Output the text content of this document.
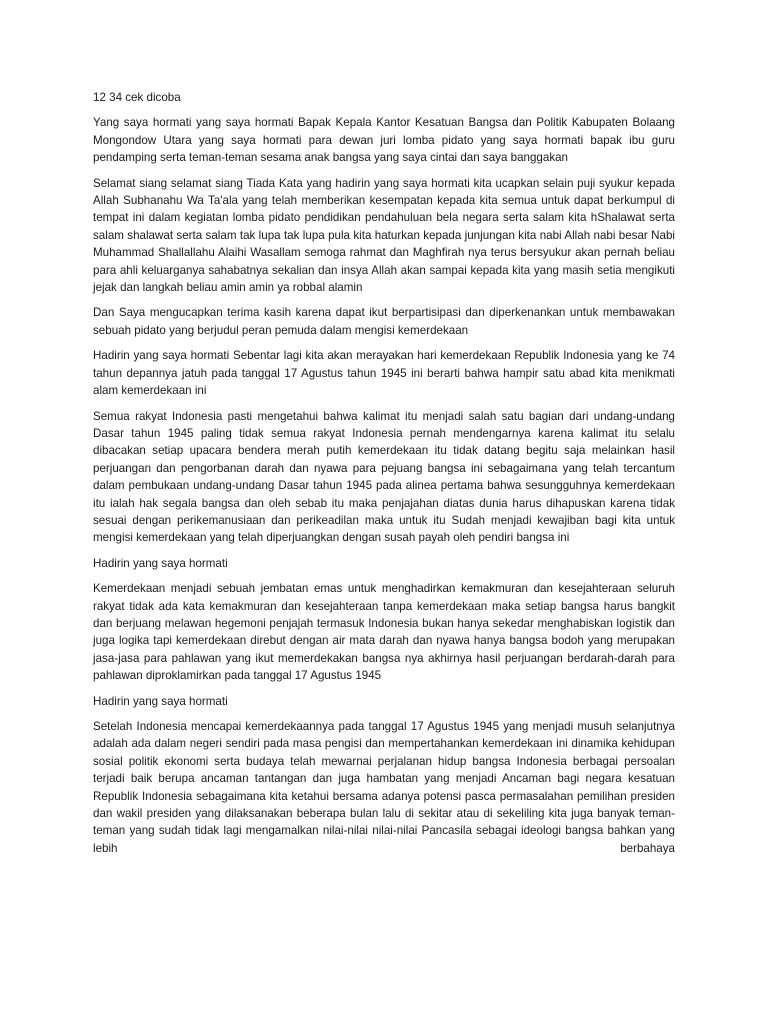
12 34 cek dicoba

Yang saya hormati yang saya hormati Bapak Kepala Kantor Kesatuan Bangsa dan Politik Kabupaten Bolaang Mongondow Utara yang saya hormati para dewan juri lomba pidato yang saya hormati bapak ibu guru pendamping serta teman-teman sesama anak bangsa yang saya cintai dan saya banggakan

Selamat siang selamat siang Tiada Kata yang hadirin yang saya hormati kita ucapkan selain puji syukur kepada Allah Subhanahu Wa Ta'ala yang telah memberikan kesempatan kepada kita semua untuk dapat berkumpul di tempat ini dalam kegiatan lomba pidato pendidikan pendahuluan bela negara serta salam kita hShalawat serta salam shalawat serta salam tak lupa tak lupa pula kita haturkan kepada junjungan kita nabi Allah nabi besar Nabi Muhammad Shallallahu Alaihi Wasallam semoga rahmat dan Maghfirah nya terus bersyukur akan pernah beliau para ahli keluarganya sahabatnya sekalian dan insya Allah akan sampai kepada kita yang masih setia mengikuti jejak dan langkah beliau amin amin ya robbal alamin

Dan Saya mengucapkan terima kasih karena dapat ikut berpartisipasi dan diperkenankan untuk membawakan sebuah pidato yang berjudul peran pemuda dalam mengisi kemerdekaan

Hadirin yang saya hormati Sebentar lagi kita akan merayakan hari kemerdekaan Republik Indonesia yang ke 74 tahun depannya jatuh pada tanggal 17 Agustus tahun 1945 ini berarti bahwa hampir satu abad kita menikmati alam kemerdekaan ini

Semua rakyat Indonesia pasti mengetahui bahwa kalimat itu menjadi salah satu bagian dari undang-undang Dasar tahun 1945 paling tidak semua rakyat Indonesia pernah mendengarnya karena kalimat itu selalu dibacakan setiap upacara bendera merah putih kemerdekaan itu tidak datang begitu saja melainkan hasil perjuangan dan pengorbanan darah dan nyawa para pejuang bangsa ini sebagaimana yang telah tercantum dalam pembukaan undang-undang Dasar tahun 1945 pada alinea pertama bahwa sesungguhnya kemerdekaan itu ialah hak segala bangsa dan oleh sebab itu maka penjajahan diatas dunia harus dihapuskan karena tidak sesuai dengan perikemanusiaan dan perikeadilan maka untuk itu Sudah menjadi kewajiban bagi kita untuk mengisi kemerdekaan yang telah diperjuangkan dengan susah payah oleh pendiri bangsa ini

Hadirin yang saya hormati

Kemerdekaan menjadi sebuah jembatan emas untuk menghadirkan kemakmuran dan kesejahteraan seluruh rakyat tidak ada kata kemakmuran dan kesejahteraan tanpa kemerdekaan maka setiap bangsa harus bangkit dan berjuang melawan hegemoni penjajah termasuk Indonesia bukan hanya sekedar menghabiskan logistik dan juga logika tapi kemerdekaan direbut dengan air mata darah dan nyawa hanya bangsa bodoh yang merupakan jasa-jasa para pahlawan yang ikut memerdekakan bangsa nya akhirnya hasil perjuangan berdarah-darah para pahlawan diproklamirkan pada tanggal 17 Agustus 1945

Hadirin yang saya hormati

Setelah Indonesia mencapai kemerdekaannya pada tanggal 17 Agustus 1945 yang menjadi musuh selanjutnya adalah ada dalam negeri sendiri pada masa pengisi dan mempertahankan kemerdekaan ini dinamika kehidupan sosial politik ekonomi serta budaya telah mewarnai perjalanan hidup bangsa Indonesia berbagai persoalan terjadi baik berupa ancaman tantangan dan juga hambatan yang menjadi Ancaman bagi negara kesatuan Republik Indonesia sebagaimana kita ketahui bersama adanya potensi pasca permasalahan pemilihan presiden dan wakil presiden yang dilaksanakan beberapa bulan lalu di sekitar atau di sekeliling kita juga banyak teman-teman yang sudah tidak lagi mengamalkan nilai-nilai nilai-nilai Pancasila sebagai ideologi bangsa bahkan yang lebih berbahaya
